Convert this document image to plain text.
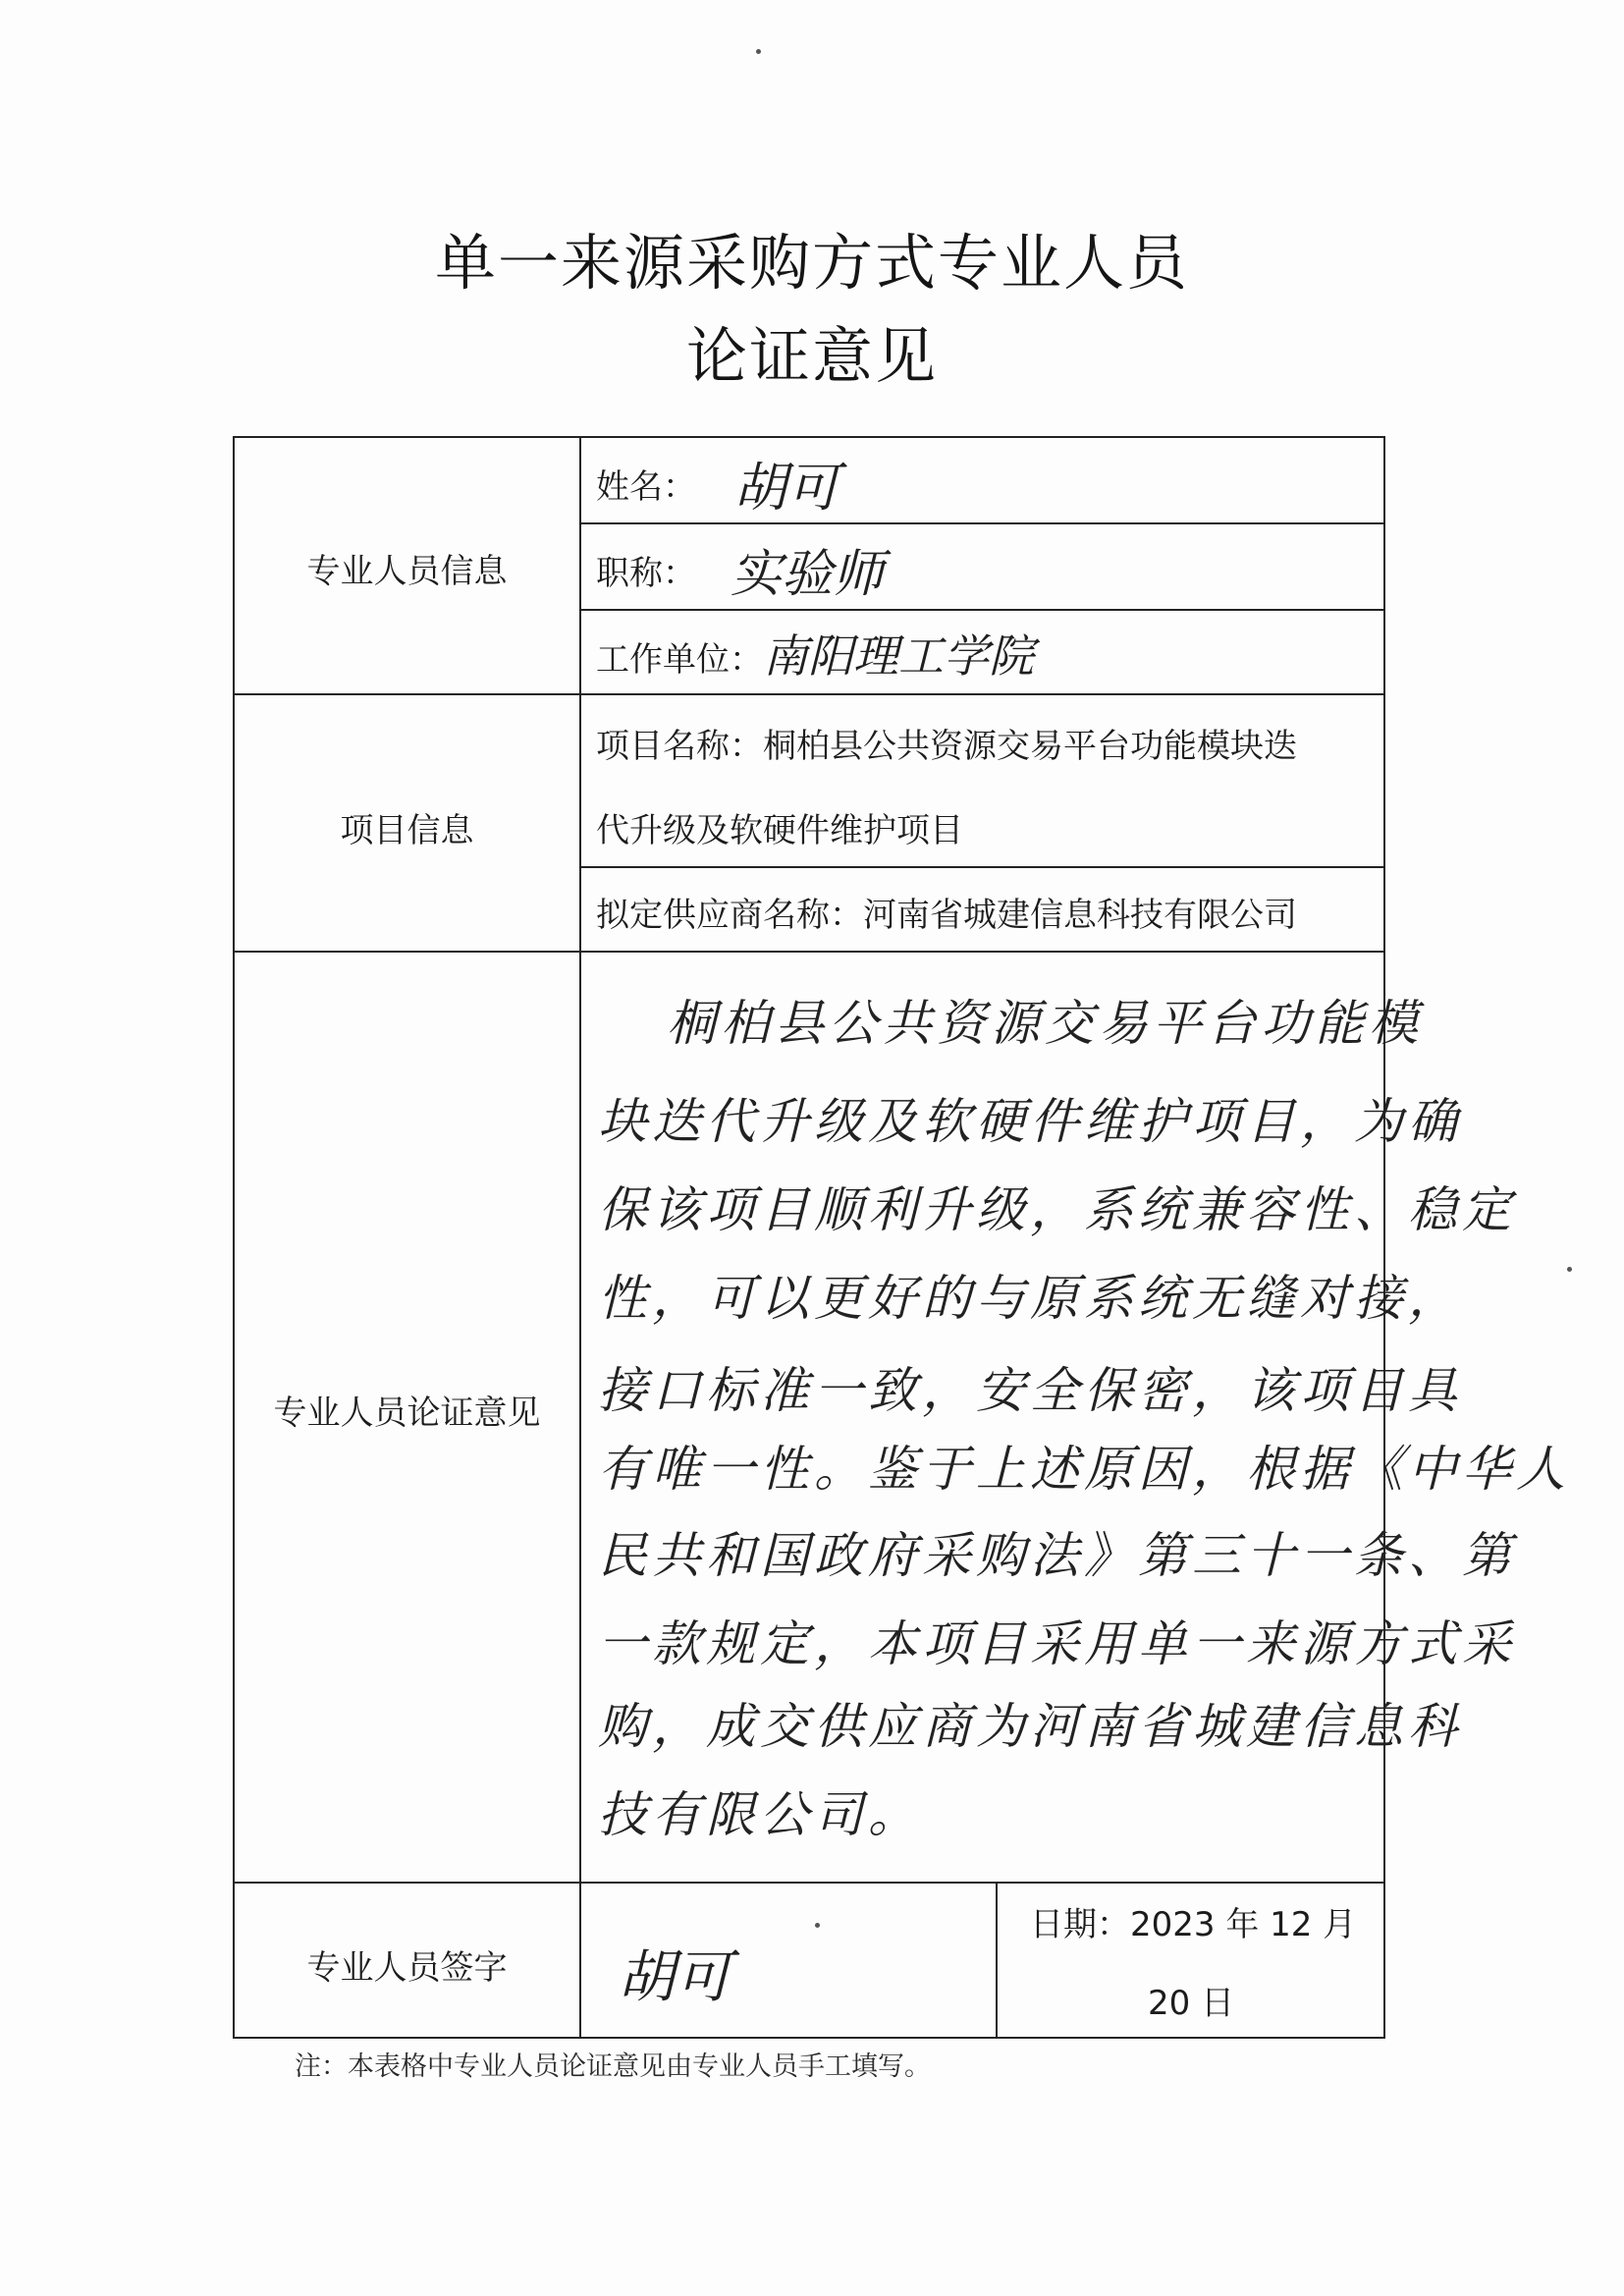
单一来源采购方式专业人员
论证意见
专业人员信息
姓名： 胡可
职称： 实验师
工作单位： 南阳理工学院
项目信息
项目名称：桐柏县公共资源交易平台功能模块迭
代升级及软硬件维护项目
拟定供应商名称：河南省城建信息科技有限公司
专业人员论证意见
桐柏县公共资源交易平台功能模
块迭代升级及软硬件维护项目，为确
保该项目顺利升级，系统兼容性、稳定
性，可以更好的与原系统无缝对接，
接口标准一致，安全保密，该项目具
有唯一性。鉴于上述原因，根据《中华人
民共和国政府采购法》第三十一条、第
一款规定，本项目采用单一来源方式采
购，成交供应商为河南省城建信息科
技有限公司。
专业人员签字	胡可
日期：2023 年 12 月
20 日
注：本表格中专业人员论证意见由专业人员手工填写。
